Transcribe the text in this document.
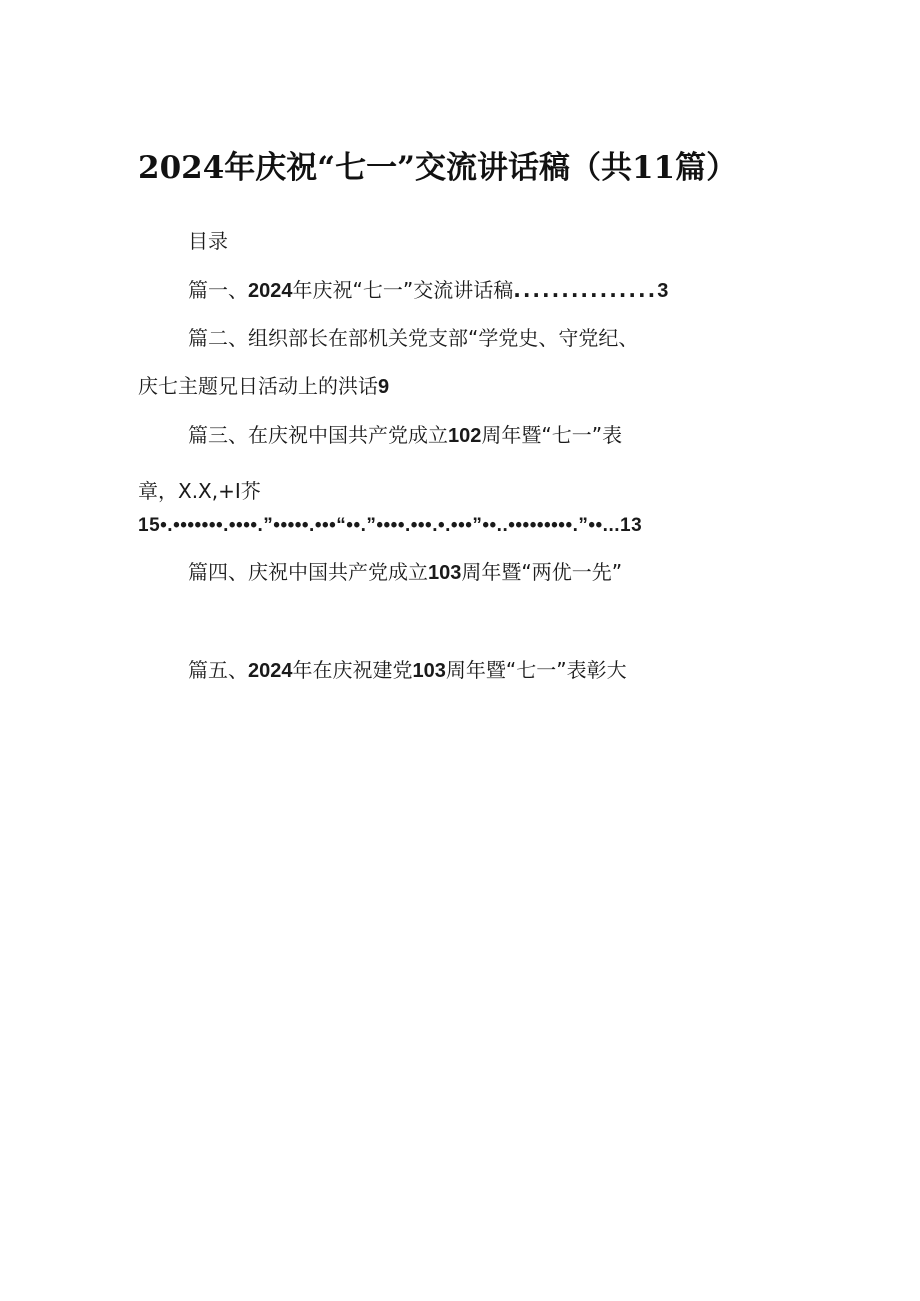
2024年庆祝“七一”交流讲话稿（共11篇）
目录
篇一、2024年庆祝“七一”交流讲话稿...............3
篇二、组织部长在部机关党支部“学党史、守党纪、
庆七主题兄日活动上的洪话9
篇三、在庆祝中国共产党成立102周年暨“七一”表
章，X.X,+I芥
15•.•••••••.••••.”•••••.•••“••.”••••.•••.•.•••”••..•••••••••.”••...13
篇四、庆祝中国共产党成立103周年暨“两优一先”
篇五、2024年在庆祝建党103周年暨“七一”表彰大
